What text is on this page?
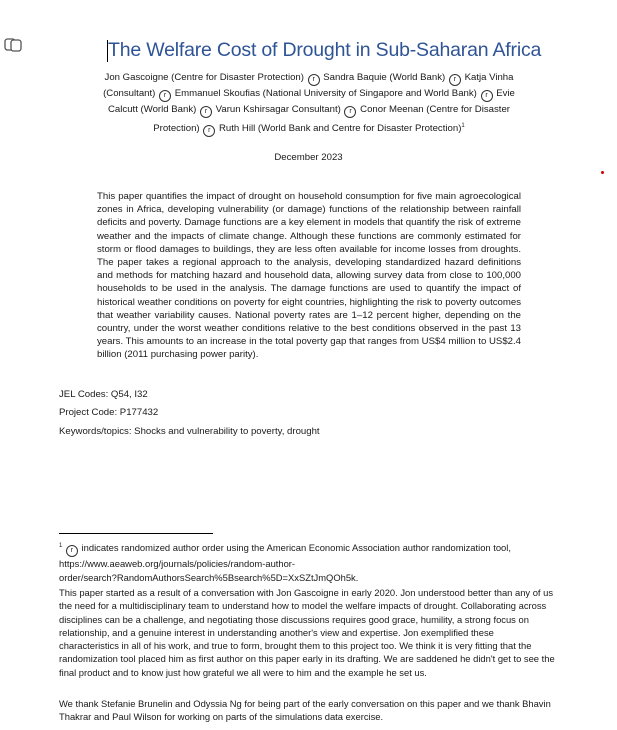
The Welfare Cost of Drought in Sub-Saharan Africa
Jon Gascoigne (Centre for Disaster Protection) r Sandra Baquie (World Bank) r Katja Vinha (Consultant) r Emmanuel Skoufias (National University of Singapore and World Bank) r Evie Calcutt (World Bank) r Varun Kshirsagar Consultant) r Conor Meenan (Centre for Disaster Protection) r Ruth Hill (World Bank and Centre for Disaster Protection)$^1$
December 2023
This paper quantifies the impact of drought on household consumption for five main agroecological zones in Africa, developing vulnerability (or damage) functions of the relationship between rainfall deficits and poverty. Damage functions are a key element in models that quantify the risk of extreme weather and the impacts of climate change. Although these functions are commonly estimated for storm or flood damages to buildings, they are less often available for income losses from droughts. The paper takes a regional approach to the analysis, developing standardized hazard definitions and methods for matching hazard and household data, allowing survey data from close to 100,000 households to be used in the analysis. The damage functions are used to quantify the impact of historical weather conditions on poverty for eight countries, highlighting the risk to poverty outcomes that weather variability causes. National poverty rates are 1–12 percent higher, depending on the country, under the worst weather conditions relative to the best conditions observed in the past 13 years. This amounts to an increase in the total poverty gap that ranges from US$4 million to US$2.4 billion (2011 purchasing power parity).
JEL Codes: Q54, I32
Project Code: P177432
Keywords/topics: Shocks and vulnerability to poverty, drought
$^1$ r indicates randomized author order using the American Economic Association author randomization tool,
https://www.aeaweb.org/journals/policies/random-author-
order/search?RandomAuthorsSearch%5Bsearch%5D=XxSZtJmQOh5k.
This paper started as a result of a conversation with Jon Gascoigne in early 2020. Jon understood better than any of us the need for a multidisciplinary team to understand how to model the welfare impacts of drought. Collaborating across disciplines can be a challenge, and negotiating those discussions requires good grace, humility, a strong focus on relationship, and a genuine interest in understanding another's view and expertise. Jon exemplified these characteristics in all of his work, and true to form, brought them to this project too. We think it is very fitting that the randomization tool placed him as first author on this paper early in its drafting. We are saddened he didn't get to see the final product and to know just how grateful we all were to him and the example he set us.
We thank Stefanie Brunelin and Odyssia Ng for being part of the early conversation on this paper and we thank Bhavin Thakrar and Paul Wilson for working on parts of the simulations data exercise.
